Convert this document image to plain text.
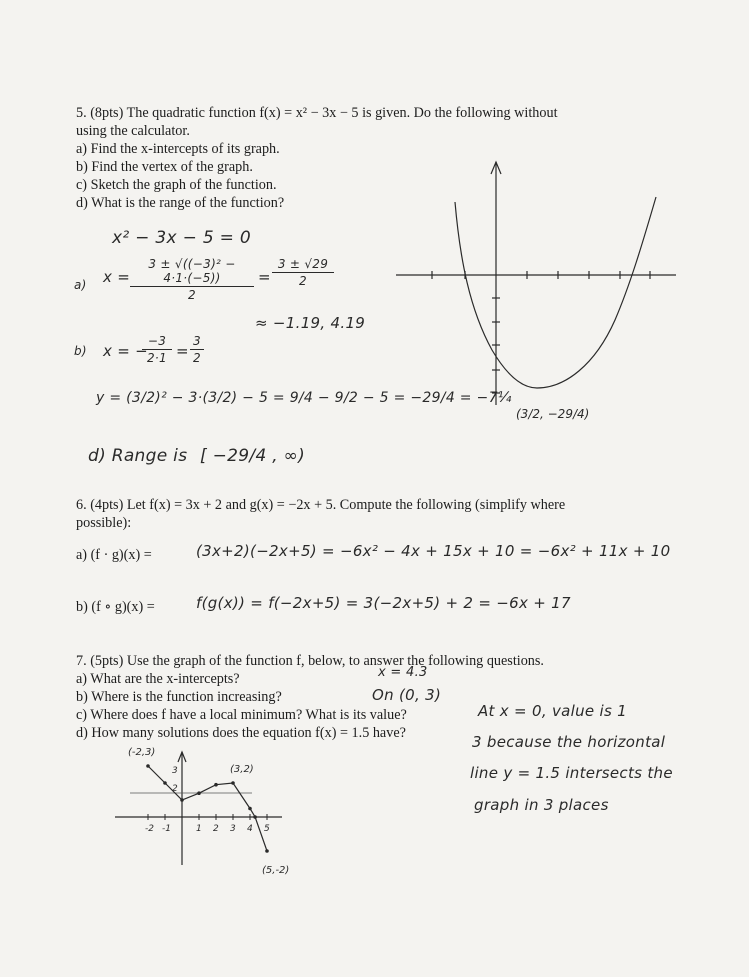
5. (8pts) The quadratic function f(x) = x² − 3x − 5 is given. Do the following without
using the calculator.
a) Find the x-intercepts of its graph.
b) Find the vertex of the graph.
c) Sketch the graph of the function.
d) What is the range of the function?
x² − 3x − 5 = 0
a) x =
3 ± √((−3)² − 4·1·(−5))
2
=
3 ± √29
2
≈ −1.19, 4.19
b) x = −
−3
2·1 =
3
2
y = (3/2)² − 3·(3/2) − 5 = 9/4 − 9/2 − 5 = −29/4 = −7¼
d) Range is [ −29/4 , ∞)
(3/2, −29/4)
6. (4pts) Let f(x) = 3x + 2 and g(x) = −2x + 5. Compute the following (simplify where
possible):
a) (f · g)(x) =	(3x+2)(−2x+5) = −6x² − 4x + 15x + 10 = −6x² + 11x + 10
b) (f ∘ g)(x) =	f(g(x)) = f(−2x+5) = 3(−2x+5) + 2 = −6x + 17
7. (5pts) Use the graph of the function f, below, to answer the following questions.
a) What are the x-intercepts?	x = 4.3
b) Where is the function increasing?	On (0, 3)
c) Where does f have a local minimum? What is its value?	At x = 0, value is 1
d) How many solutions does the equation f(x) = 1.5 have?	3 because the horizontal
line y = 1.5 intersects the
graph in 3 places
(-2,3)
(3,2)
(5,-2)
3
2
-2 -1	1 2 3 4 5
